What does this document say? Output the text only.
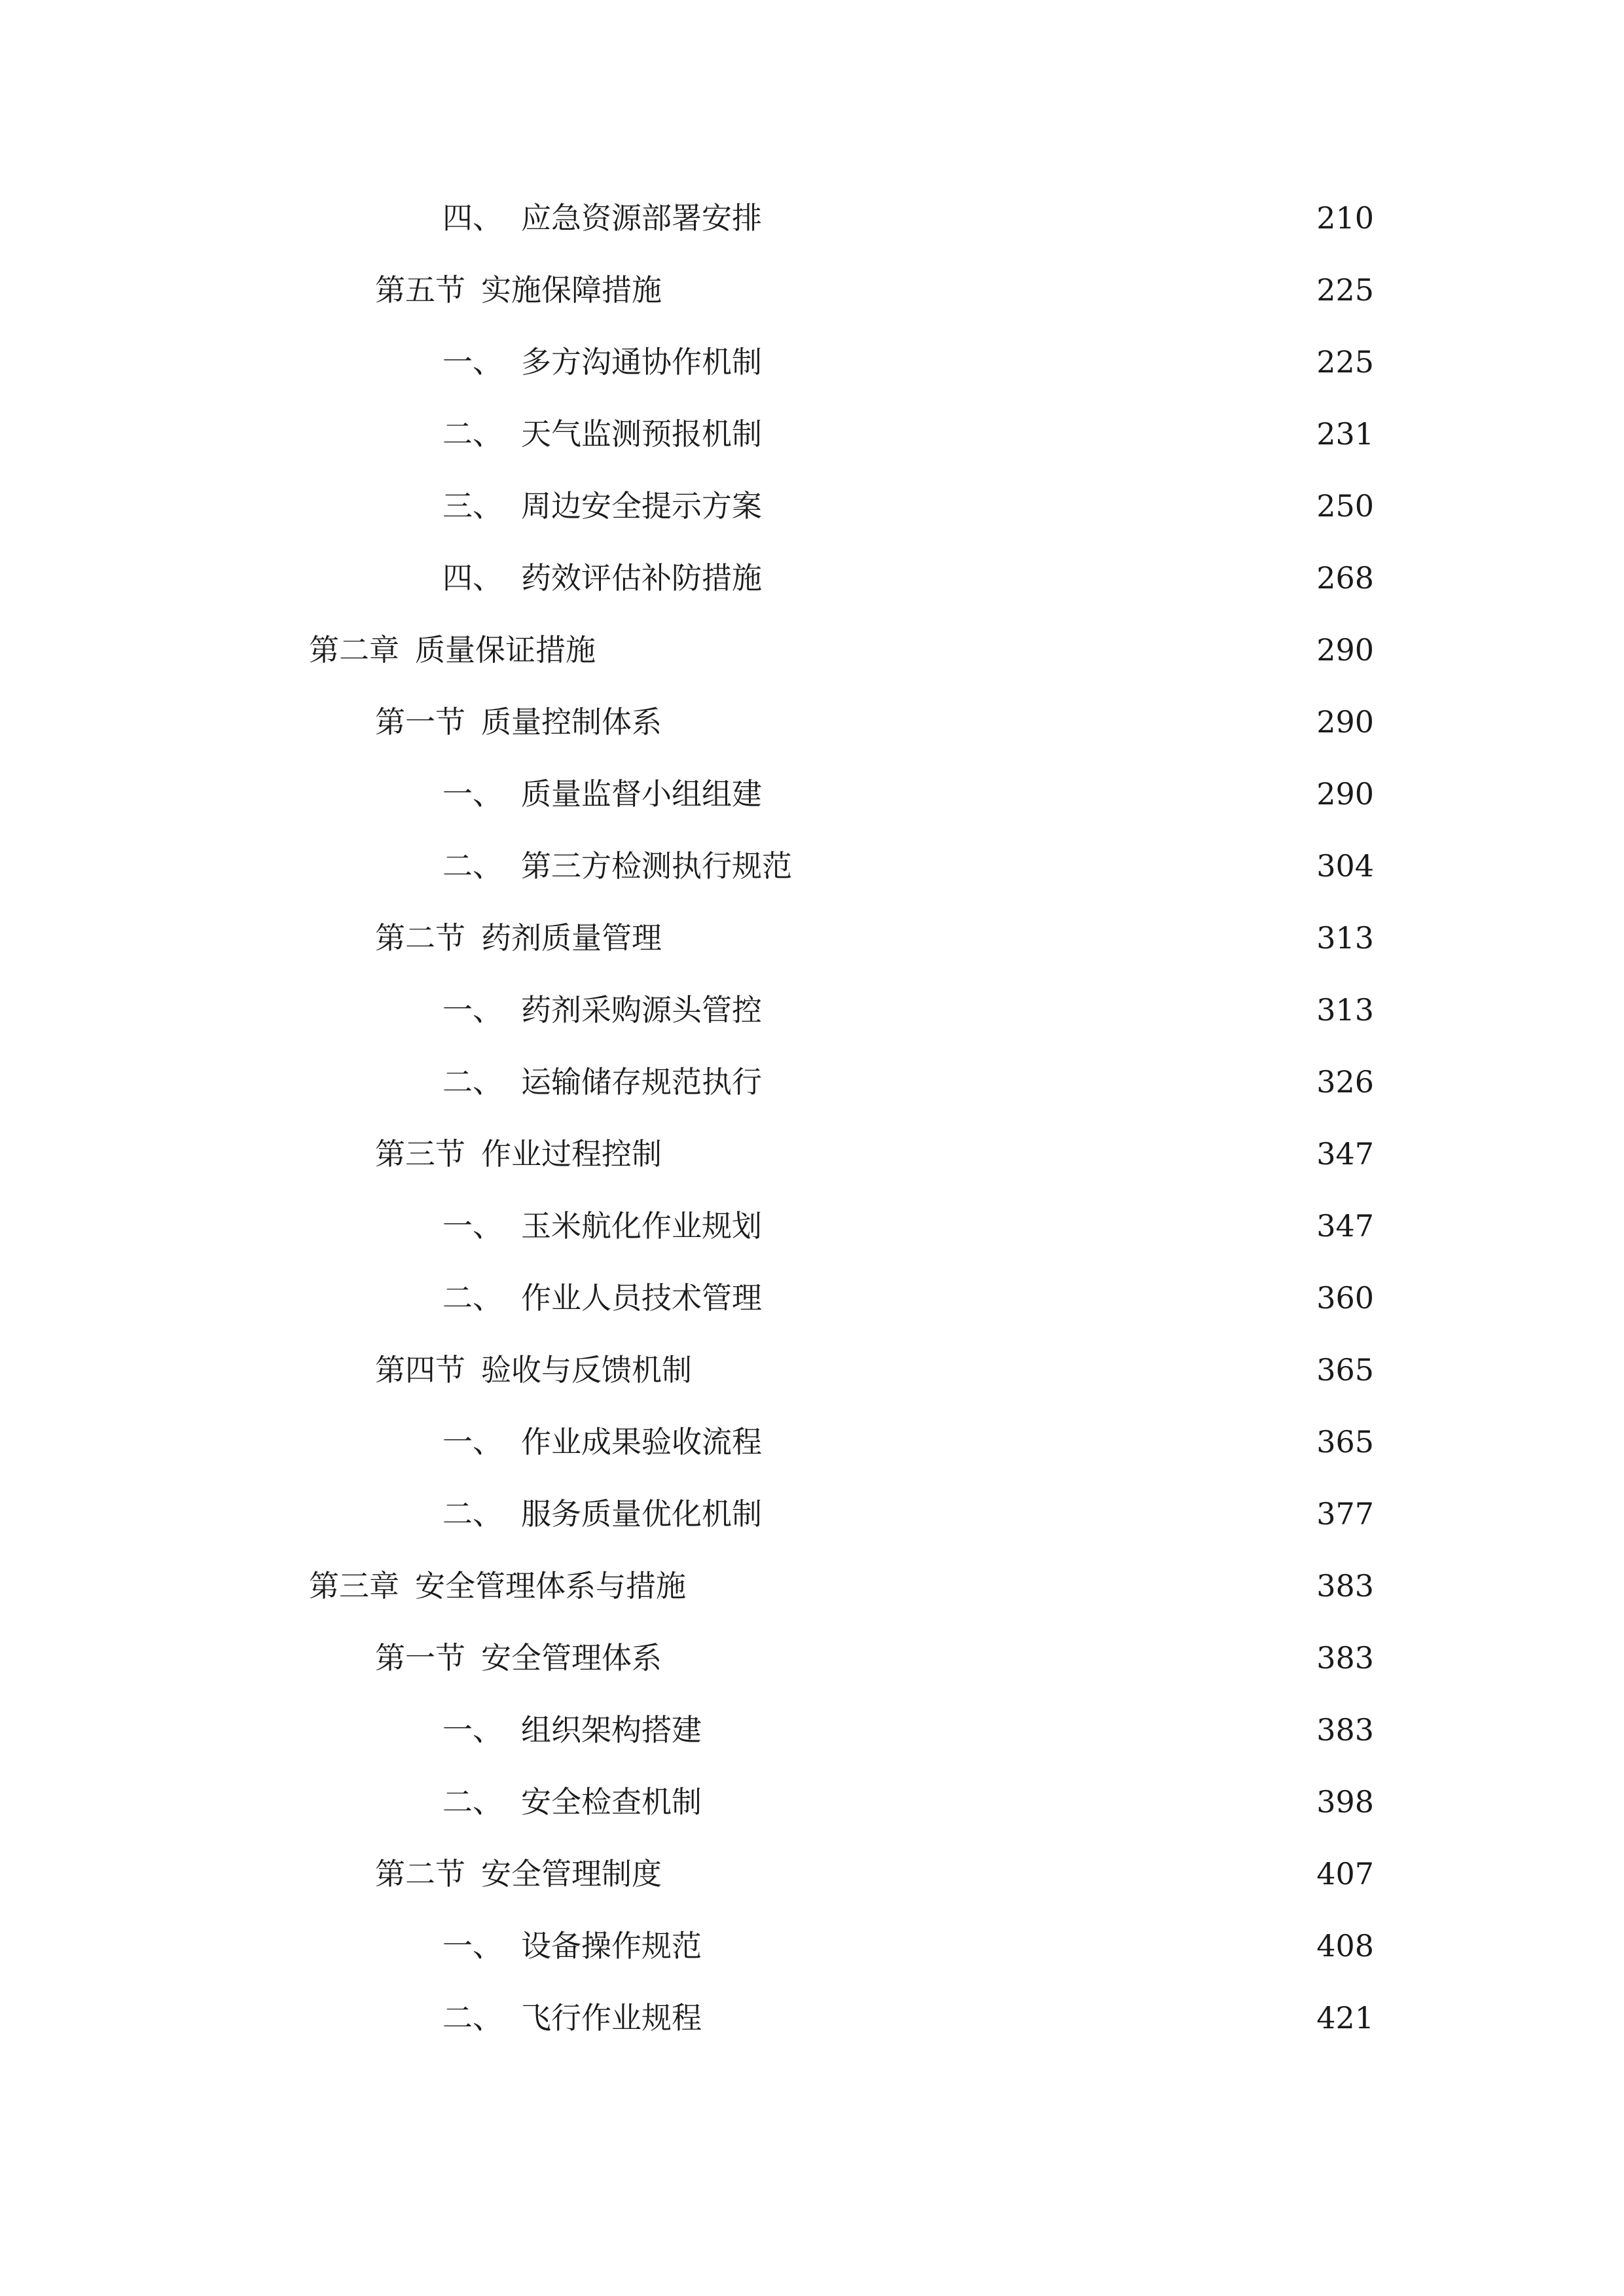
四、 应急资源部署安排	210
第五节 实施保障措施	225
一、 多方沟通协作机制	225
二、 天气监测预报机制	231
三、 周边安全提示方案	250
四、 药效评估补防措施	268
第二章 质量保证措施	290
第一节 质量控制体系	290
一、 质量监督小组组建	290
二、 第三方检测执行规范	304
第二节 药剂质量管理	313
一、 药剂采购源头管控	313
二、 运输储存规范执行	326
第三节 作业过程控制	347
一、 玉米航化作业规划	347
二、 作业人员技术管理	360
第四节 验收与反馈机制	365
一、 作业成果验收流程	365
二、 服务质量优化机制	377
第三章 安全管理体系与措施	383
第一节 安全管理体系	383
一、 组织架构搭建	383
二、 安全检查机制	398
第二节 安全管理制度	407
一、 设备操作规范	408
二、 飞行作业规程	421
